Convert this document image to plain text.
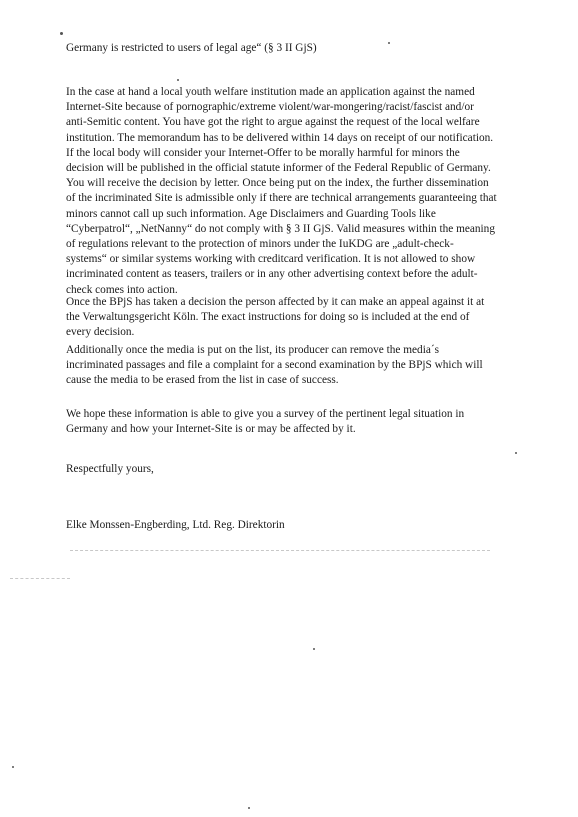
Germany is restricted to users of legal age“ (§ 3 II GjS)

In the case at hand a local youth welfare institution made an application against the named
Internet-Site because of pornographic/extreme violent/war-mongering/racist/fascist and/or
anti-Semitic content. You have got the right to argue against the request of the local welfare
institution. The memorandum has to be delivered within 14 days on receipt of our notification.
If the local body will consider your Internet-Offer to be morally harmful for minors the
decision will be published in the official statute informer of the Federal Republic of Germany.
You will receive the decision by letter. Once being put on the index, the further dissemination
of the incriminated Site is admissible only if there are technical arrangements guaranteeing that
minors cannot call up such information. Age Disclaimers and Guarding Tools like
“Cyberpatrol“, „NetNanny“ do not comply with § 3 II GjS. Valid measures within the meaning
of regulations relevant to the protection of minors under the IuKDG are „adult-check-
systems“ or similar systems working with creditcard verification. It is not allowed to show
incriminated content as teasers, trailers or in any other advertising context before the adult-
check comes into action.

Once the BPjS has taken a decision the person affected by it can make an appeal against it at
the Verwaltungsgericht Köln. The exact instructions for doing so is included at the end of
every decision.

Additionally once the media is put on the list, its producer can remove the media´s
incriminated passages and file a complaint for a second examination by the BPjS which will
cause the media to be erased from the list in case of success.

We hope these information is able to give you a survey of the pertinent legal situation in
Germany and how your Internet-Site is or may be affected by it.

Respectfully yours,

Elke Monssen-Engberding, Ltd. Reg. Direktorin
